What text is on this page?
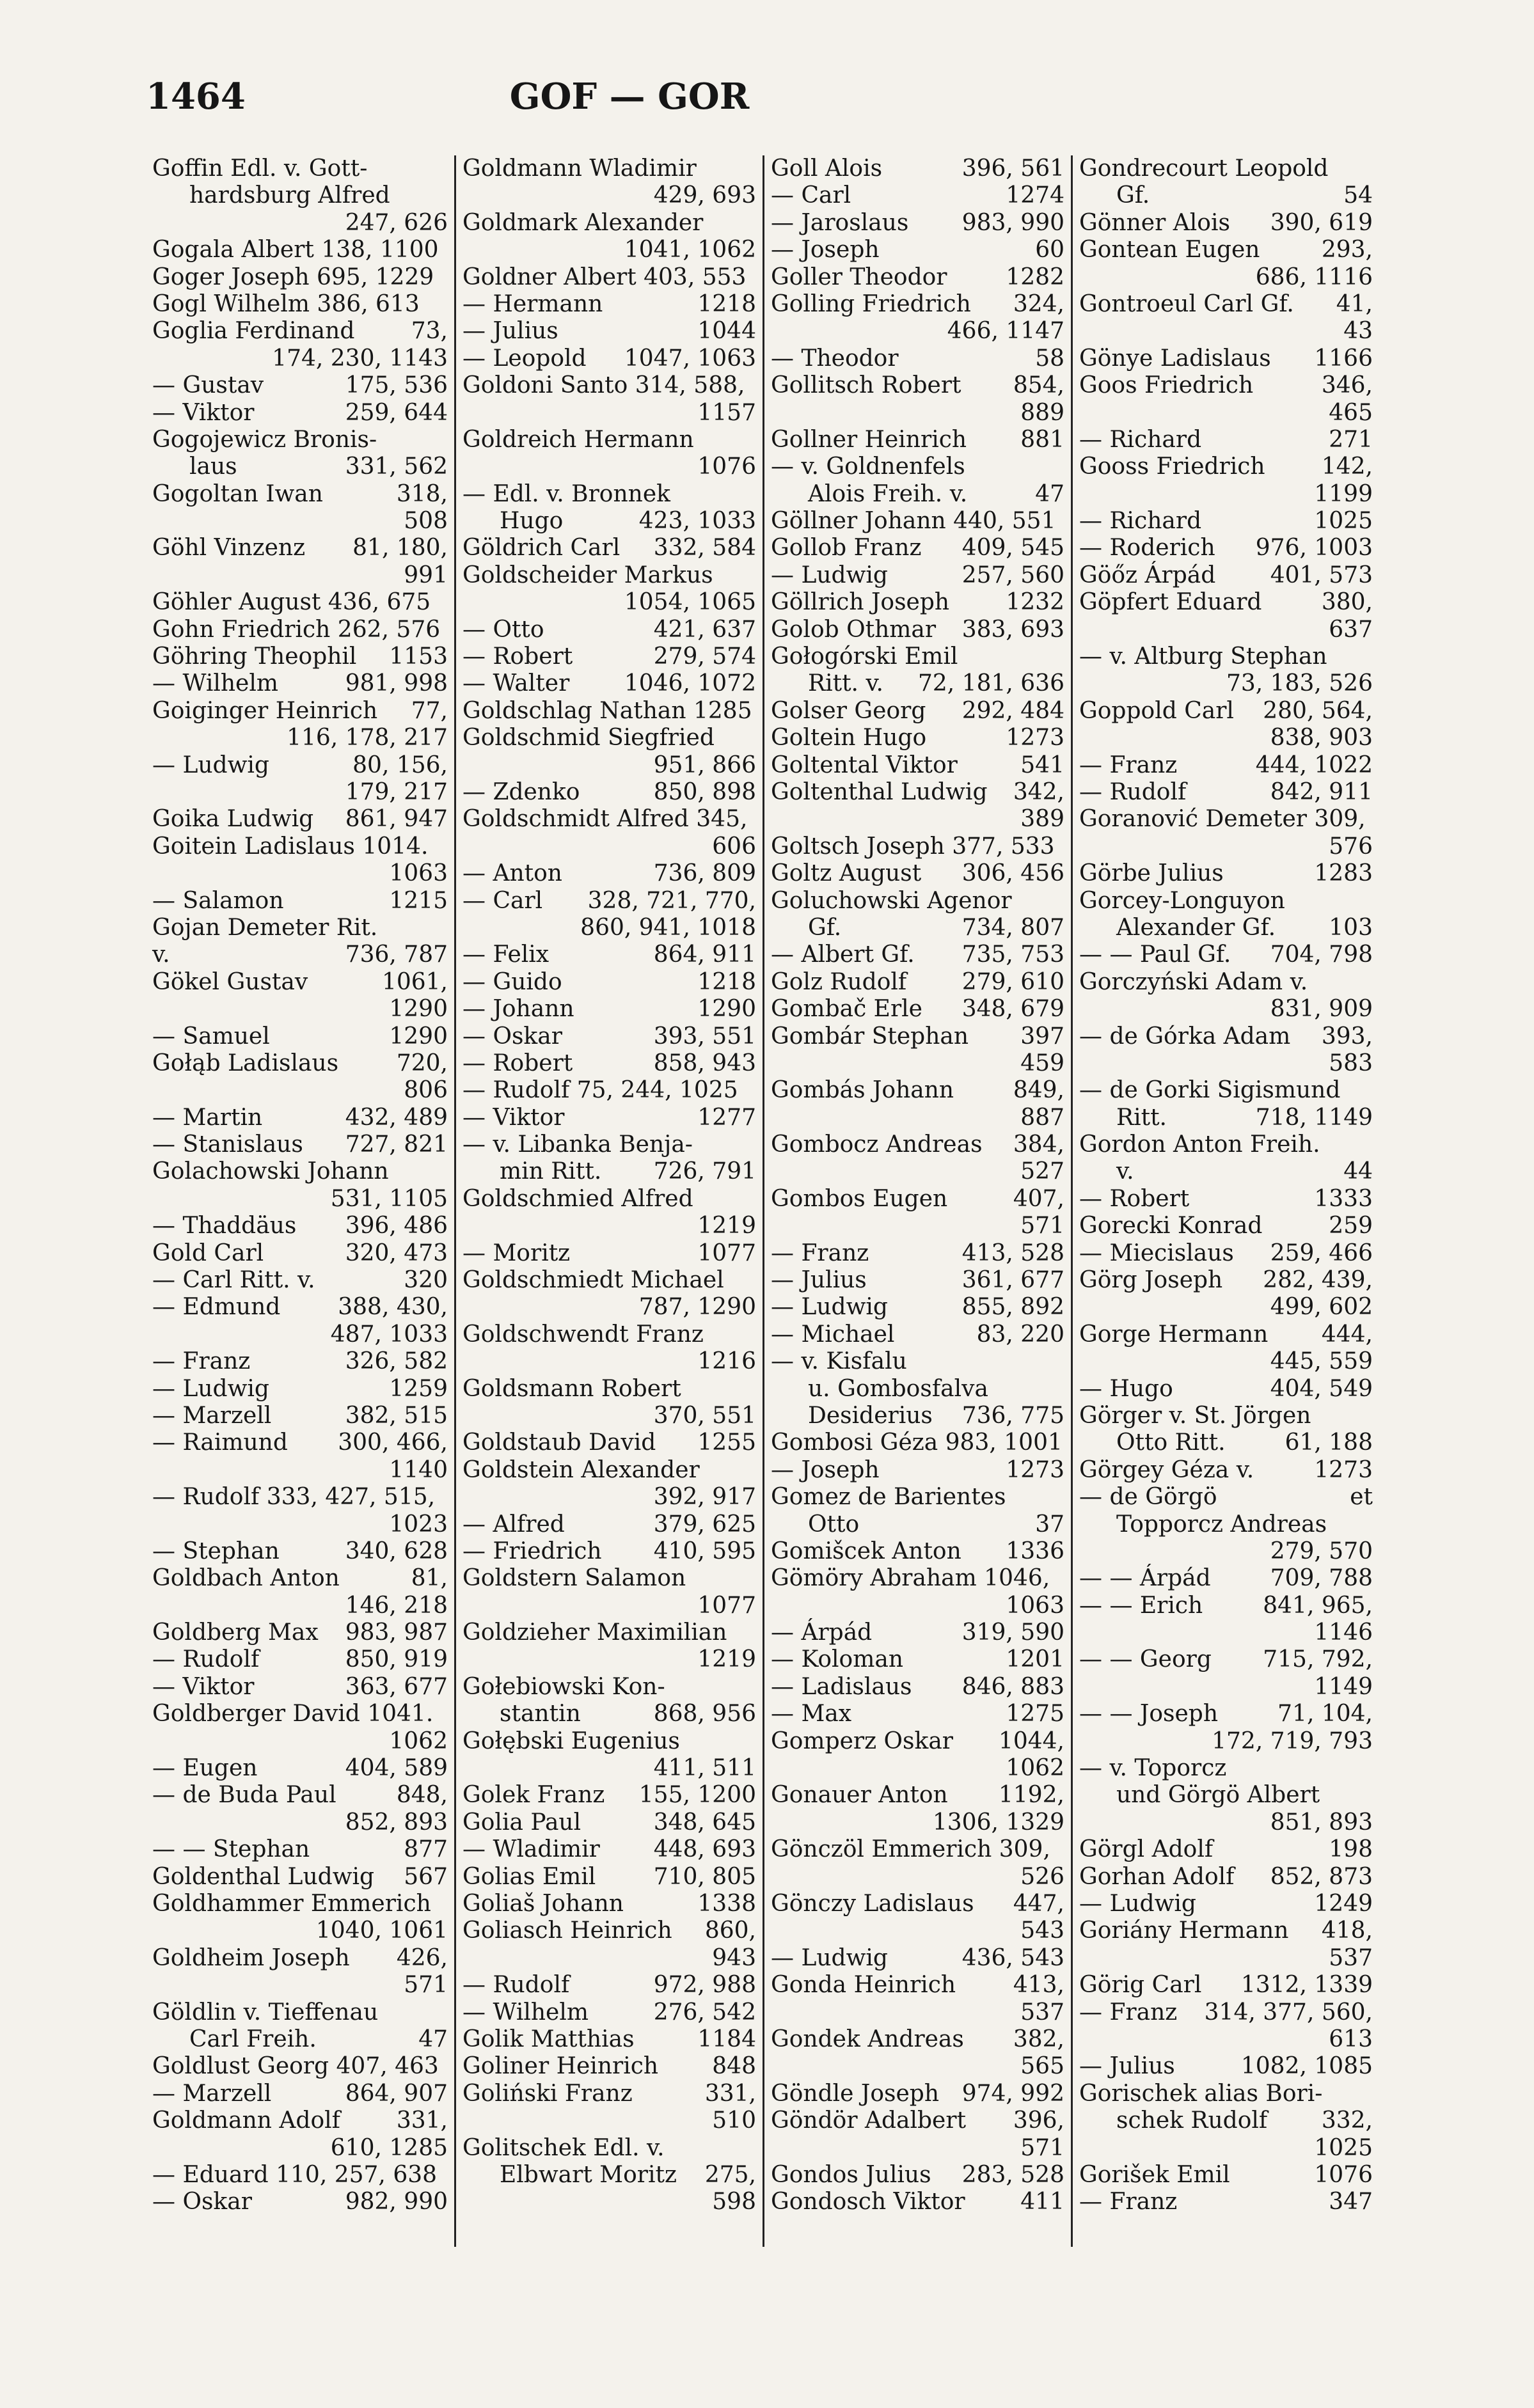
1464	GOF — GOR
Goffin Edl. v. Gott-
hardsburg Alfred
247, 626
Gogala Albert 138, 1100
Goger Joseph 695, 1229
Gogl Wilhelm 386, 613
Goglia Ferdinand 73,
174, 230, 1143
— Gustav	175, 536
— Viktor	259, 644
Gogojewicz Bronis-
laus	331, 562
Gogoltan Iwan	318,
508
Göhl Vinzenz 81, 180,
991
Göhler August 436, 675
Gohn Friedrich 262, 576
Göhring Theophil 1153
— Wilhelm	981, 998
Goiginger Heinrich 77,
116, 178, 217
— Ludwig	80, 156,
179, 217
Goika Ludwig 861, 947
Goitein Ladislaus 1014.
1063
— Salamon	1215
Gojan Demeter Rit.
v.	736, 787
Gökel Gustav	1061,
1290
— Samuel	1290
Gołąb Ladislaus	720,
806
— Martin	432, 489
— Stanislaus 727, 821
Golachowski Johann
531, 1105
— Thaddäus 396, 486
Gold Carl	320, 473
— Carl Ritt. v.	320
— Edmund 388, 430,
487, 1033
— Franz	326, 582
— Ludwig	1259
— Marzell	382, 515
— Raimund 300, 466,
1140
— Rudolf 333, 427, 515,
1023
— Stephan	340, 628
Goldbach Anton	81,
146, 218
Goldberg Max 983, 987
— Rudolf	850, 919
— Viktor	363, 677
Goldberger David 1041.
1062
— Eugen	404, 589
— de Buda Paul	848,
852, 893
— — Stephan	877
Goldenthal Ludwig 567
Goldhammer Emmerich
1040, 1061
Goldheim Joseph 426,
571
Göldlin v. Tieffenau
Carl Freih.	47
Goldlust Georg 407, 463
— Marzell	864, 907
Goldmann Adolf 331,
610, 1285
— Eduard 110, 257, 638
— Oskar	982, 990
Goldmann Wladimir
429, 693
Goldmark Alexander
1041, 1062
Goldner Albert 403, 553
— Hermann	1218
— Julius	1044
— Leopold 1047, 1063
Goldoni Santo 314, 588,
1157
Goldreich Hermann
1076
— Edl. v. Bronnek
Hugo	423, 1033
Göldrich Carl 332, 584
Goldscheider Markus
1054, 1065
— Otto	421, 637
— Robert	279, 574
— Walter 1046, 1072
Goldschlag Nathan 1285
Goldschmid Siegfried
951, 866
— Zdenko	850, 898
Goldschmidt Alfred 345,
606
— Anton	736, 809
— Carl 328, 721, 770,
860, 941, 1018
— Felix	864, 911
— Guido	1218
— Johann	1290
— Oskar	393, 551
— Robert	858, 943
— Rudolf 75, 244, 1025
— Viktor	1277
— v. Libanka Benja-
min Ritt. 726, 791
Goldschmied Alfred
1219
— Moritz	1077
Goldschmiedt Michael
787, 1290
Goldschwendt Franz
1216
Goldsmann Robert
370, 551
Goldstaub David 1255
Goldstein Alexander
392, 917
— Alfred	379, 625
— Friedrich 410, 595
Goldstern Salamon
1077
Goldzieher Maximilian
1219
Gołebiowski Kon-
stantin	868, 956
Gołębski Eugenius
411, 511
Golek Franz 155, 1200
Golia Paul	348, 645
— Wladimir 448, 693
Golias Emil	710, 805
Goliaš Johann	1338
Goliasch Heinrich 860,
943
— Rudolf	972, 988
— Wilhelm	276, 542
Golik Matthias	1184
Goliner Heinrich 848
Goliński Franz	331,
510
Golitschek Edl. v.
Elbwart Moritz 275,
598
Goll Alois	396, 561
— Carl	1274
— Jaroslaus 983, 990
— Joseph	60
Goller Theodor	1282
Golling Friedrich 324,
466, 1147
— Theodor	58
Gollitsch Robert 854,
889
Gollner Heinrich 881
— v. Goldnenfels
Alois Freih. v.	47
Göllner Johann 440, 551
Gollob Franz 409, 545
— Ludwig	257, 560
Göllrich Joseph 1232
Golob Othmar 383, 693
Gołogórski Emil
Ritt. v. 72, 181, 636
Golser Georg 292, 484
Goltein Hugo	1273
Goltental Viktor	541
Goltenthal Ludwig 342,
389
Goltsch Joseph 377, 533
Goltz August 306, 456
Goluchowski Agenor
Gf.	734, 807
— Albert Gf. 735, 753
Golz Rudolf 279, 610
Gombač Erle 348, 679
Gombár Stephan 397
459
Gombás Johann	849,
887
Gombocz Andreas 384,
527
Gombos Eugen	407,
571
— Franz	413, 528
— Julius	361, 677
— Ludwig	855, 892
— Michael	83, 220
— v. Kisfalu
u. Gombosfalva
Desiderius 736, 775
Gombosi Géza 983, 1001
— Joseph	1273
Gomez de Barientes
Otto	37
Gomišcek Anton 1336
Gömöry Abraham 1046,
1063
— Árpád	319, 590
— Koloman	1201
— Ladislaus 846, 883
— Max	1275
Gomperz Oskar 1044,
1062
Gonauer Anton 1192,
1306, 1329
Gönczöl Emmerich 309,
526
Gönczy Ladislaus 447,
543
— Ludwig	436, 543
Gonda Heinrich 413,
537
Gondek Andreas 382,
565
Göndle Joseph 974, 992
Göndör Adalbert 396,
571
Gondos Julius 283, 528
Gondosch Viktor 411
Gondrecourt Leopold
Gf.	54
Gönner Alois 390, 619
Gontean Eugen	293,
686, 1116
Gontroeul Carl Gf. 41,
43
Gönye Ladislaus 1166
Goos Friedrich	346,
465
— Richard	271
Gooss Friedrich 142,
1199
— Richard	1025
— Roderich 976, 1003
Göőz Árpád 401, 573
Göpfert Eduard	380,
637
— v. Altburg Stephan
73, 183, 526
Goppold Carl 280, 564,
838, 903
— Franz	444, 1022
— Rudolf	842, 911
Goranović Demeter 309,
576
Görbe Julius	1283
Gorcey-Longuyon
Alexander Gf. 103
— — Paul Gf. 704, 798
Gorczyński Adam v.
831, 909
— de Górka Adam 393,
583
— de Gorki Sigismund
Ritt.	718, 1149
Gordon Anton Freih.
v.	44
— Robert	1333
Gorecki Konrad	259
— Miecislaus 259, 466
Görg Joseph 282, 439,
499, 602
Gorge Hermann 444,
445, 559
— Hugo	404, 549
Görger v. St. Jörgen
Otto Ritt.	61, 188
Görgey Géza v.	1273
— de Görgö	et
Topporcz Andreas
279, 570
— — Árpád	709, 788
— — Erich	841, 965,
1146
— — Georg 715, 792,
1149
— — Joseph	71, 104,
172, 719, 793
— v. Toporcz
und Görgö Albert
851, 893
Görgl Adolf	198
Gorhan Adolf 852, 873
— Ludwig	1249
Goriány Hermann 418,
537
Görig Carl 1312, 1339
— Franz 314, 377, 560,
613
— Julius	1082, 1085
Gorischek alias Bori-
schek Rudolf 332,
1025
Gorišek Emil	1076
— Franz	347
